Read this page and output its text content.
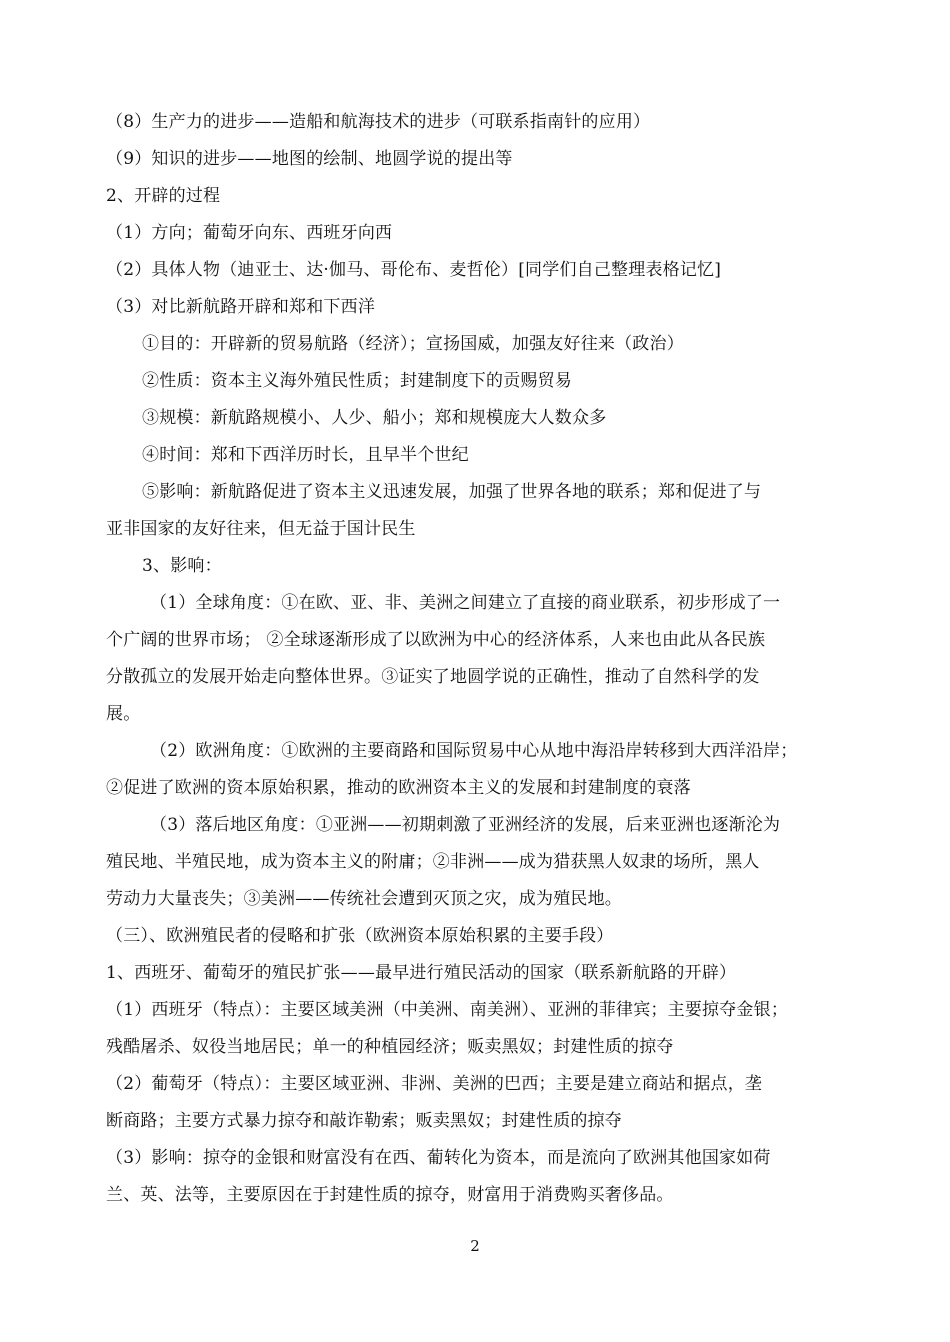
（8）生产力的进步——造船和航海技术的进步（可联系指南针的应用）
（9）知识的进步——地图的绘制、地圆学说的提出等
2、开辟的过程
（1）方向；葡萄牙向东、西班牙向西
（2）具体人物（迪亚士、达·伽马、哥伦布、麦哲伦）[同学们自己整理表格记忆]
（3）对比新航路开辟和郑和下西洋
①目的：开辟新的贸易航路（经济）；宣扬国威，加强友好往来（政治）
②性质：资本主义海外殖民性质；封建制度下的贡赐贸易
③规模：新航路规模小、人少、船小；郑和规模庞大人数众多
④时间：郑和下西洋历时长，且早半个世纪
⑤影响：新航路促进了资本主义迅速发展，加强了世界各地的联系；郑和促进了与
亚非国家的友好往来，但无益于国计民生
3、影响：
（1）全球角度：①在欧、亚、非、美洲之间建立了直接的商业联系，初步形成了一
个广阔的世界市场； ②全球逐渐形成了以欧洲为中心的经济体系，人来也由此从各民族
分散孤立的发展开始走向整体世界。③证实了地圆学说的正确性，推动了自然科学的发
展。
（2）欧洲角度：①欧洲的主要商路和国际贸易中心从地中海沿岸转移到大西洋沿岸；
②促进了欧洲的资本原始积累，推动的欧洲资本主义的发展和封建制度的衰落
（3）落后地区角度：①亚洲——初期刺激了亚洲经济的发展，后来亚洲也逐渐沦为
殖民地、半殖民地，成为资本主义的附庸；②非洲——成为猎获黑人奴隶的场所，黑人
劳动力大量丧失；③美洲——传统社会遭到灭顶之灾，成为殖民地。
（三）、欧洲殖民者的侵略和扩张（欧洲资本原始积累的主要手段）
1、西班牙、葡萄牙的殖民扩张——最早进行殖民活动的国家（联系新航路的开辟）
（1）西班牙（特点）：主要区域美洲（中美洲、南美洲）、亚洲的菲律宾；主要掠夺金银；
残酷屠杀、奴役当地居民；单一的种植园经济；贩卖黑奴；封建性质的掠夺
（2）葡萄牙（特点）：主要区域亚洲、非洲、美洲的巴西；主要是建立商站和据点，垄
断商路；主要方式暴力掠夺和敲诈勒索；贩卖黑奴；封建性质的掠夺
（3）影响：掠夺的金银和财富没有在西、葡转化为资本，而是流向了欧洲其他国家如荷
兰、英、法等，主要原因在于封建性质的掠夺，财富用于消费购买奢侈品。
2
